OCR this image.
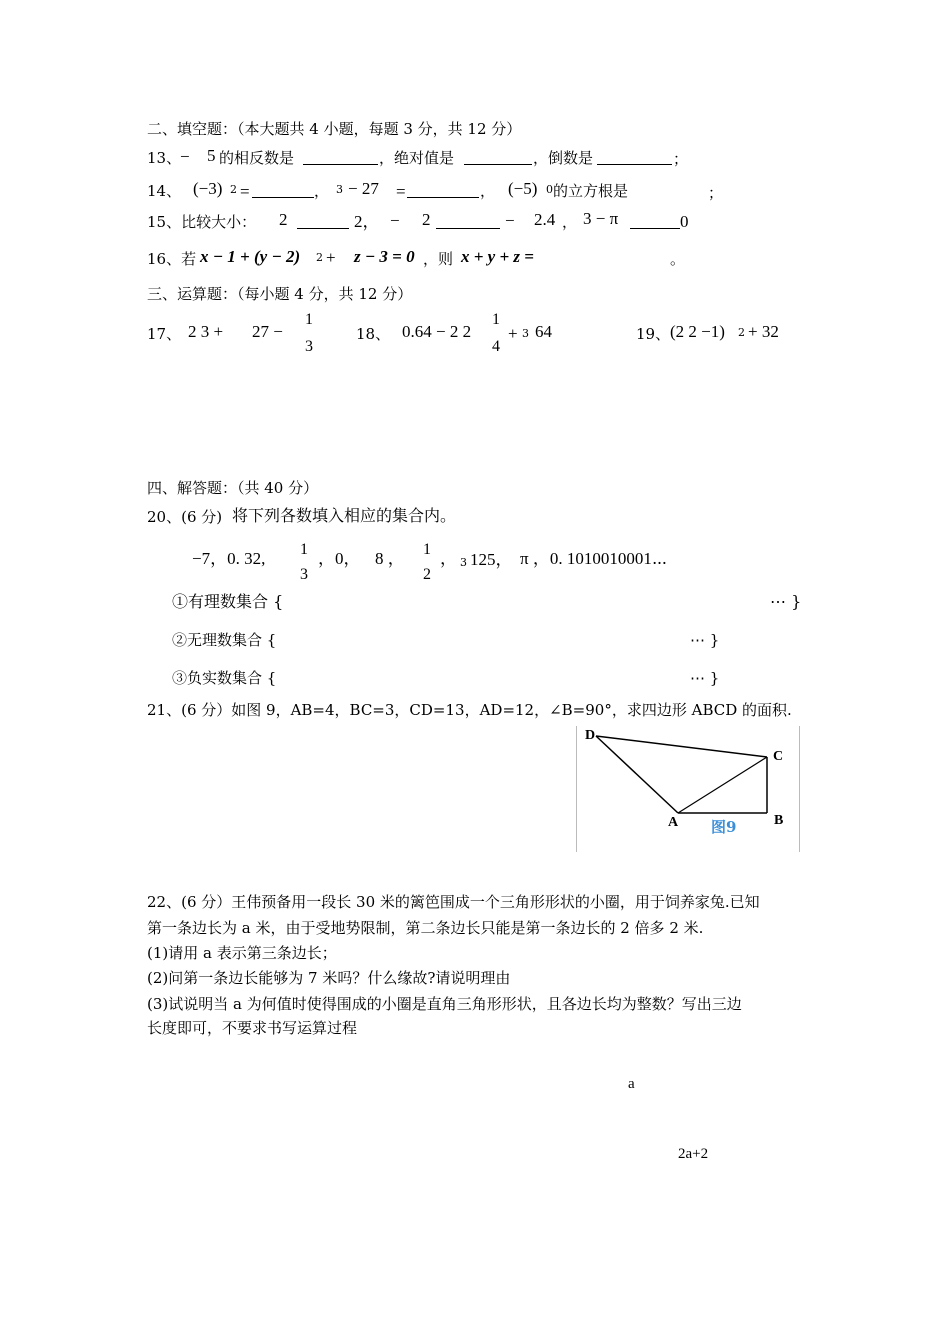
二、填空题：（本大题共 4 小题，每题 3 分，共 12 分）
13、
− 5 的相反数是	，绝对值是	，倒数是	；
14、 (−3) 2 =	， 3 − 27 =	， (−5) 0 的立方根是	；
15、比较大小： 2	2， − 2	− 2.4 ， 3 − π	0
16、若 x − 1 + (y − 2) 2 + z − 3 = 0 ，则 x + y + z =	。
三、运算题：（每小题 4 分，共 12 分）
17、 2 3 + 27 −
1
3
18、 0.64 − 2 2
1
4
+ 3 64	19、 (2 2 −1) 2 + 32
四、解答题：（共 40 分）
20、(6 分) 将下列各数填入相应的集合内。
−7，0. 32, 1
3
，0， 8 ， 1
2
， 3 125， π ，0. 1010010001⋯
①有理数集合 {	⋯ }
②无理数集合 {	⋯ }
③负实数集合 {	⋯ }
21、(6 分）如图 9，AB=4，BC=3，CD=13，AD=12，∠B=90°，求四边形 ABCD 的面积.
D
C
A	B
图9
22、(6 分）王伟预备用一段长 30 米的篱笆围成一个三角形形状的小圈，用于饲养家兔.已知
第一条边长为 a 米，由于受地势限制，第二条边长只能是第一条边长的 2 倍多 2 米.
(1)请用 a 表示第三条边长；
(2)问第一条边长能够为 7 米吗？什么缘故?请说明理由
(3)试说明当 a 为何值时使得围成的小圈是直角三角形形状，且各边长均为整数？写出三边
长度即可，不要求书写运算过程
a
2a+2
